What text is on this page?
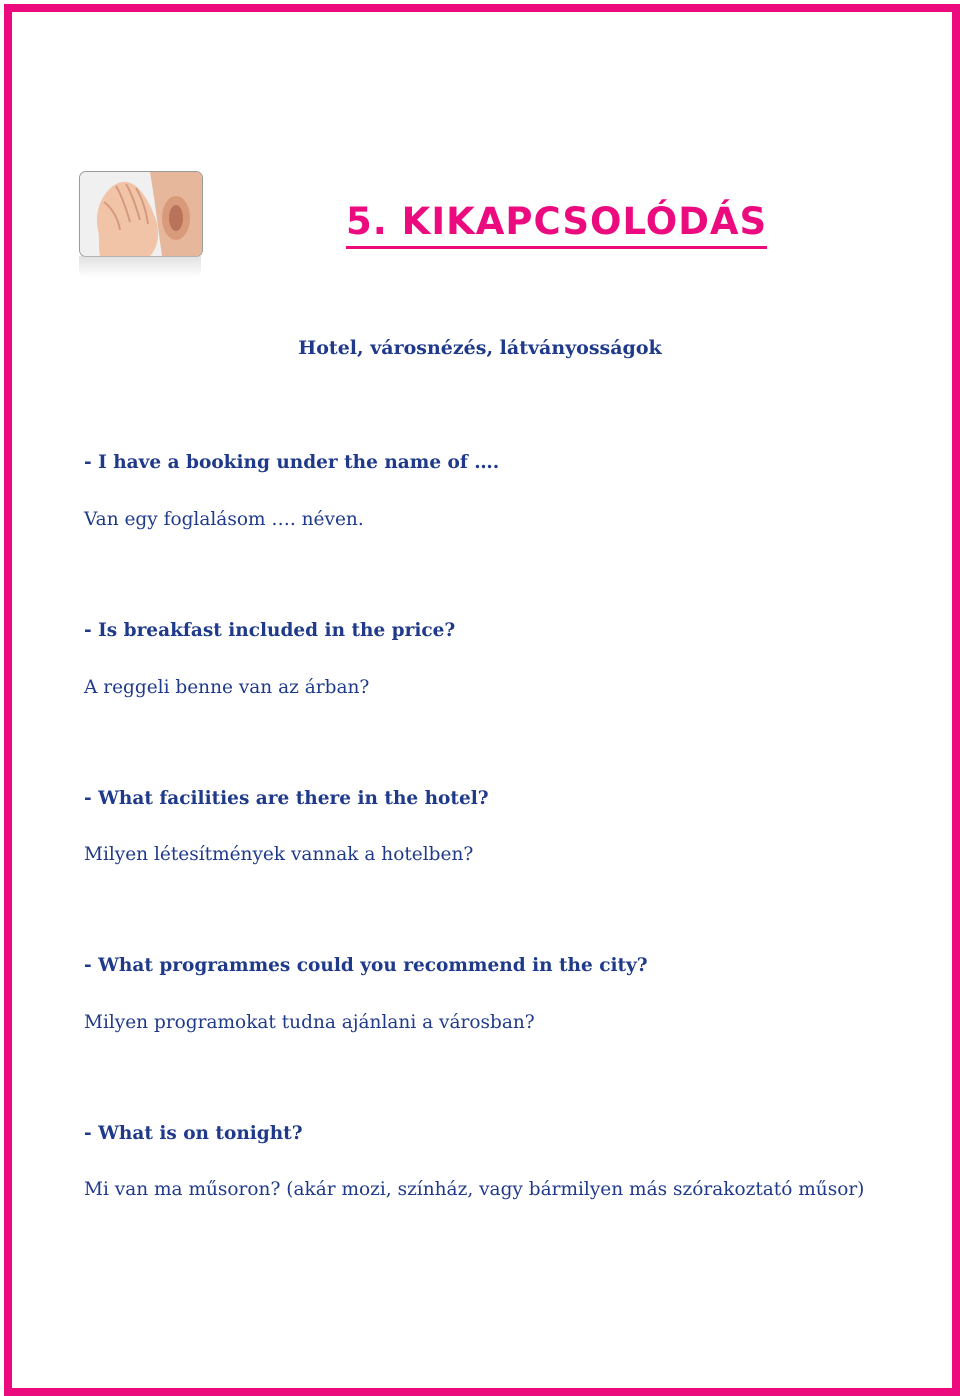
5. KIKAPCSOLÓDÁS
Hotel, városnézés, látványosságok
- I have a booking under the name of ….
Van egy foglalásom …. néven.
- Is breakfast included in the price?
A reggeli benne van az árban?
- What facilities are there in the hotel?
Milyen létesítmények vannak a hotelben?
- What programmes could you recommend in the city?
Milyen programokat tudna ajánlani a városban?
- What is on tonight?
Mi van ma műsoron? (akár mozi, színház, vagy bármilyen más szórakoztató műsor)
